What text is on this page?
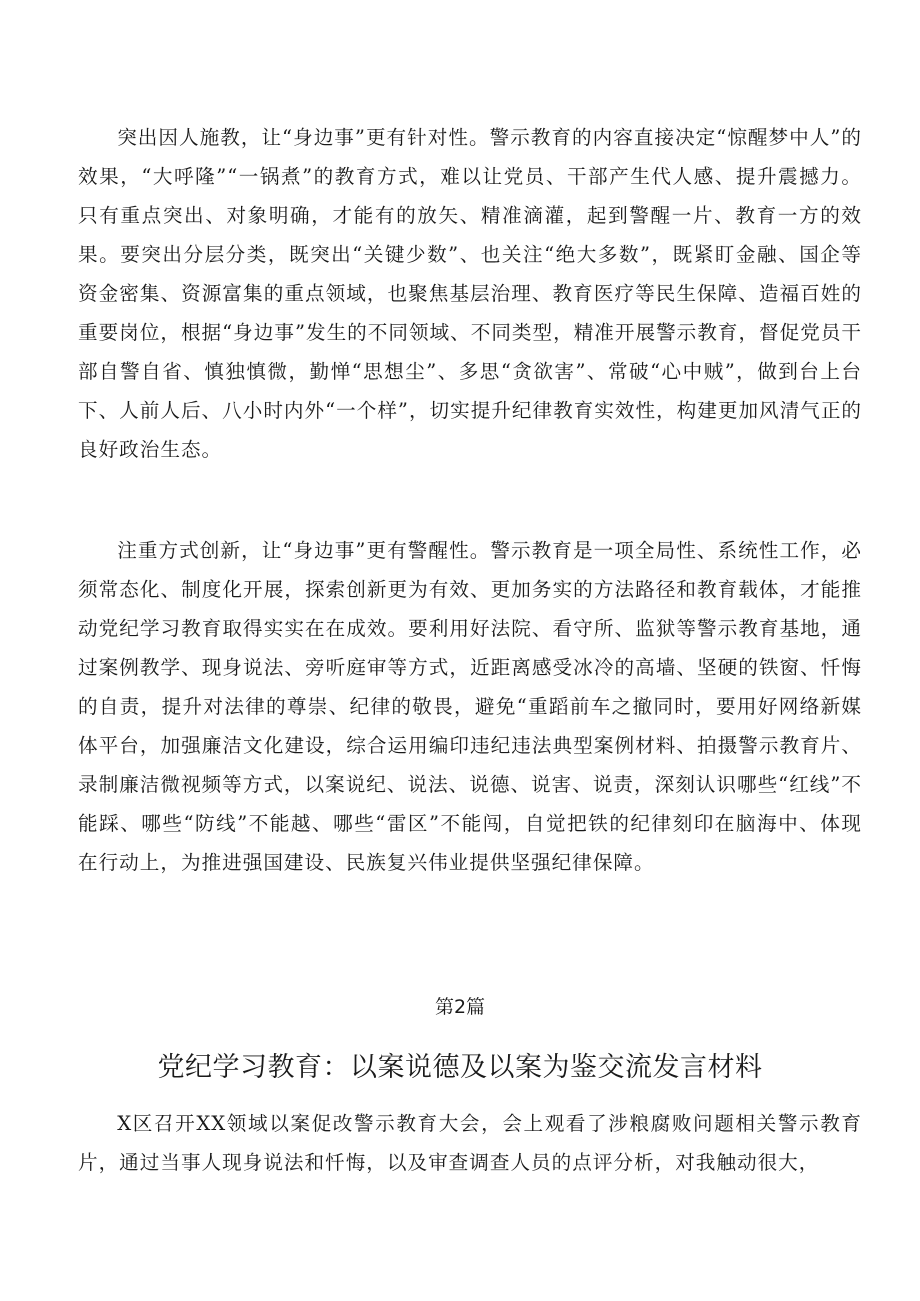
突出因人施教，让“身边事”更有针对性。警示教育的内容直接决定“惊醒梦中人”的效果，“大呼隆”“一锅煮”的教育方式，难以让党员、干部产生代人感、提升震撼力。只有重点突出、对象明确，才能有的放矢、精准滴灌，起到警醒一片、教育一方的效果。要突出分层分类，既突出“关键少数”、也关注“绝大多数”，既紧盯金融、国企等资金密集、资源富集的重点领域，也聚焦基层治理、教育医疗等民生保障、造福百姓的重要岗位，根据“身边事”发生的不同领域、不同类型，精准开展警示教育，督促党员干部自警自省、慎独慎微，勤惮“思想尘”、多思“贪欲害”、常破“心中贼”，做到台上台下、人前人后、八小时内外“一个样”，切实提升纪律教育实效性，构建更加风清气正的良好政治生态。

注重方式创新，让“身边事”更有警醒性。警示教育是一项全局性、系统性工作，必须常态化、制度化开展，探索创新更为有效、更加务实的方法路径和教育载体，才能推动党纪学习教育取得实实在在成效。要利用好法院、看守所、监狱等警示教育基地，通过案例教学、现身说法、旁听庭审等方式，近距离感受冰冷的高墙、坚硬的铁窗、忏悔的自责，提升对法律的尊崇、纪律的敬畏，避免“重蹈前车之撤同时，要用好网络新媒体平台，加强廉洁文化建设，综合运用编印违纪违法典型案例材料、拍摄警示教育片、录制廉洁微视频等方式，以案说纪、说法、说德、说害、说责，深刻认识哪些“红线”不能踩、哪些“防线”不能越、哪些“雷区”不能闯，自觉把铁的纪律刻印在脑海中、体现在行动上，为推进强国建设、民族复兴伟业提供坚强纪律保障。

第2篇
党纪学习教育：以案说德及以案为鉴交流发言材料

X区召开XX领域以案促改警示教育大会，会上观看了涉粮腐败问题相关警示教育片，通过当事人现身说法和忏悔，以及审查调查人员的点评分析，对我触动很大，
